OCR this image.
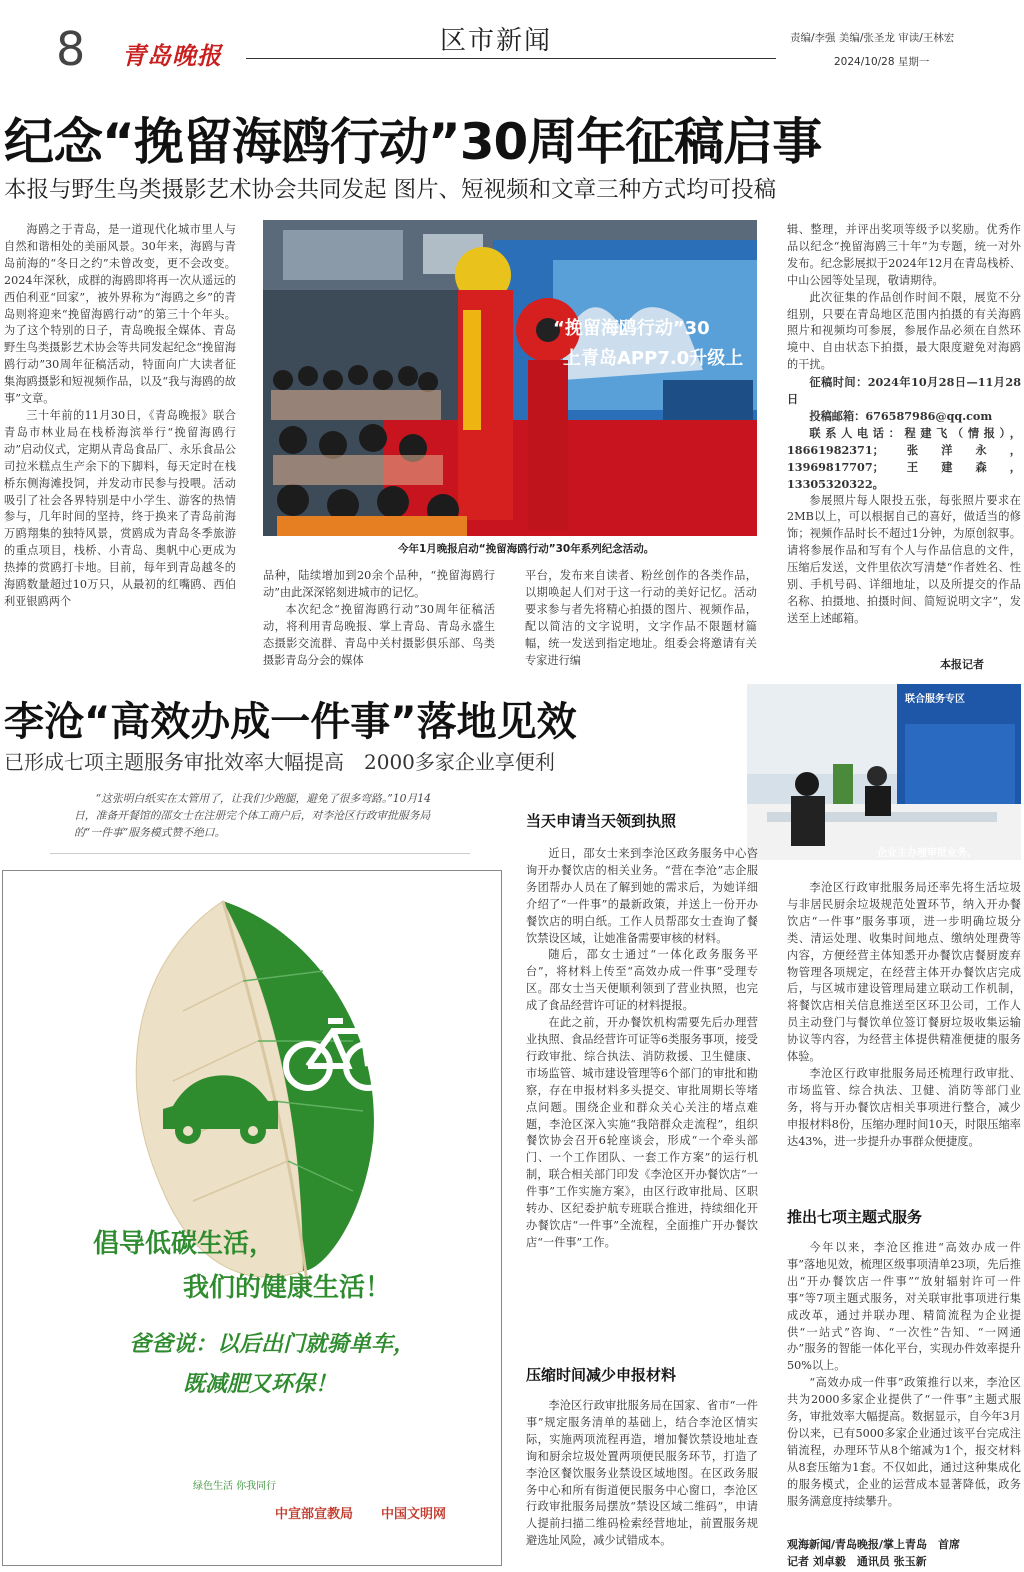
8 青岛晚报	区市新闻	责编/李强 美编/张圣龙 审读/王林宏
2024/10/28 星期一
纪念“挽留海鸥行动”30周年征稿启事
本报与野生鸟类摄影艺术协会共同发起 图片、短视频和文章三种方式均可投稿

海鸥之于青岛，是一道现代化城市里人与自然和谐相处的美丽风景。30年来，海鸥与青岛前海的“冬日之约”未曾改变，更不会改变。2024年深秋，成群的海鸥即将再一次从遥远的西伯利亚“回家”，被外界称为“海鸥之乡”的青岛则将迎来“挽留海鸥行动”的第三十个年头。为了这个特别的日子，青岛晚报全媒体、青岛野生鸟类摄影艺术协会等共同发起纪念“挽留海鸥行动”30周年征稿活动，特面向广大读者征集海鸥摄影和短视频作品，以及“我与海鸥的故事”文章。

三十年前的11月30日，《青岛晚报》联合青岛市林业局在栈桥海滨举行“挽留海鸥行动”启动仪式，定期从青岛食品厂、永乐食品公司拉米糕点生产余下的下脚料，每天定时在栈桥东侧海滩投饲，并发动市民参与投喂。活动吸引了社会各界特别是中小学生、游客的热情参与，几年时间的坚持，终于换来了青岛前海万鸥翔集的独特风景，赏鸥成为青岛冬季旅游的重点项目，栈桥、小青岛、奥帆中心更成为热捧的赏鸥打卡地。目前，每年到青岛越冬的海鸥数量超过10万只，从最初的红嘴鸥、西伯利亚银鸥两个

“挽留海鸥行动”30
上青岛APP7.0升级上
今年1月晚报启动“挽留海鸥行动”30年系列纪念活动。

品种，陆续增加到20余个品种，“挽留海鸥行动”由此深深铭刻进城市的记忆。

本次纪念“挽留海鸥行动”30周年征稿活动，将利用青岛晚报、掌上青岛、青岛永盛生态摄影交流群、青岛中关村摄影俱乐部、鸟类摄影青岛分会的媒体

平台，发布来自读者、粉丝创作的各类作品，以期唤起人们对于这一行动的美好记忆。活动要求参与者先将精心拍摄的图片、视频作品，配以简洁的文字说明，文字作品不限题材篇幅，统一发送到指定地址。组委会将邀请有关专家进行编

辑、整理，并评出奖项等级予以奖励。优秀作品以纪念“挽留海鸥三十年”为专题，统一对外发布。纪念影展拟于2024年12月在青岛栈桥、中山公园等处呈现，敬请期待。

此次征集的作品创作时间不限，展览不分组别，只要在青岛地区范围内拍摄的有关海鸥照片和视频均可参展，参展作品必须在自然环境中、自由状态下拍摄，最大限度避免对海鸥的干扰。

征稿时间：2024年10月28日—11月28日

投稿邮箱：676587986@qq.com

联系人电话：程建飞（情报），18661982371；张洋永，13969817707；王建森，13305320322。

参展照片每人限投五张，每张照片要求在2MB以上，可以根据自己的喜好，做适当的修饰；视频作品时长不超过1分钟，为原创叙事。请将参展作品和写有个人与作品信息的文件，压缩后发送，文件里依次写清楚“作者姓名、性别、手机号码、详细地址，以及所提交的作品名称、拍摄地、拍摄时间、简短说明文字”，发送至上述邮箱。

本报记者
李沧“高效办成一件事”落地见效
已形成七项主题服务审批效率大幅提高　2000多家企业享便利
联合服务专区
企业主办理审批业务。
“这张明白纸实在太管用了，让我们少跑腿，避免了很多弯路。”10月14日，准备开餐馆的邵女士在注册完个体工商户后，对李沧区行政审批服务局的“一件事”服务模式赞不绝口。
倡导低碳生活，
我们的健康生活！
爸爸说：以后出门就骑单车，
既减肥又环保！
绿色生活 你我同行
中宣部宣教局 中国文明网
当天申请当天领到执照

近日，邵女士来到李沧区政务服务中心咨询开办餐饮店的相关业务。“营在李沧”志企服务团帮办人员在了解到她的需求后，为她详细介绍了“一件事”的最新政策，并送上一份开办餐饮店的明白纸。工作人员帮邵女士查询了餐饮禁设区域，让她准备需要审核的材料。

随后，邵女士通过“一体化政务服务平台”，将材料上传至“高效办成一件事”受理专区。邵女士当天便顺利领到了营业执照，也完成了食品经营许可证的材料提报。

在此之前，开办餐饮机构需要先后办理营业执照、食品经营许可证等6类服务事项，接受行政审批、综合执法、消防救援、卫生健康、市场监管、城市建设管理等6个部门的审批和勘察，存在申报材料多头提交、审批周期长等堵点问题。围绕企业和群众关心关注的堵点难题，李沧区深入实施“我陪群众走流程”，组织餐饮协会召开6轮座谈会，形成“一个牵头部门、一个工作团队、一套工作方案”的运行机制，联合相关部门印发《李沧区开办餐饮店“一件事”工作实施方案》，由区行政审批局、区职转办、区纪委护航专班联合推进，持续细化开办餐饮店“一件事”全流程，全面推广开办餐饮店“一件事”工作。

压缩时间减少申报材料

李沧区行政审批服务局在国家、省市“一件事”规定服务清单的基础上，结合李沧区情实际，实施两项流程再造，增加餐饮禁设地址查询和厨余垃圾处置两项便民服务环节，打造了李沧区餐饮服务业禁设区域地图。在区政务服务中心和所有街道便民服务中心窗口，李沧区行政审批服务局摆放“禁设区域二维码”，申请人提前扫描二维码检索经营地址，前置服务规避选址风险，减少试错成本。

李沧区行政审批服务局还率先将生活垃圾与非居民厨余垃圾规范处置环节，纳入开办餐饮店“一件事”服务事项，进一步明确垃圾分类、清运处理、收集时间地点、缴纳处理费等内容，方便经营主体知悉开办餐饮店餐厨废弃物管理各项规定，在经营主体开办餐饮店完成后，与区城市建设管理局建立联动工作机制，将餐饮店相关信息推送至区环卫公司，工作人员主动登门与餐饮单位签订餐厨垃圾收集运输协议等内容，为经营主体提供精准便捷的服务体验。

李沧区行政审批服务局还梳理行政审批、市场监管、综合执法、卫健、消防等部门业务，将与开办餐饮店相关事项进行整合，减少申报材料8份，压缩办理时间10天，时限压缩率达43%，进一步提升办事群众便捷度。

推出七项主题式服务

今年以来，李沧区推进“高效办成一件事”落地见效，梳理区级事项清单23项，先后推出“开办餐饮店一件事”“放射辐射许可一件事”等7项主题式服务，对关联审批事项进行集成改革，通过并联办理、精简流程为企业提供“一站式”咨询、“一次性”告知、“一网通办”服务的智能一体化平台，实现办件效率提升50%以上。

“高效办成一件事”政策推行以来，李沧区共为2000多家企业提供了“一件事”主题式服务，审批效率大幅提高。数据显示，自今年3月份以来，已有5000多家企业通过该平台完成注销流程，办理环节从8个缩减为1个，报交材料从8套压缩为1套。不仅如此，通过这种集成化的服务模式，企业的运营成本显著降低，政务服务满意度持续攀升。

观海新闻/青岛晚报/掌上青岛　首席
记者 刘卓毅　通讯员 张玉新
